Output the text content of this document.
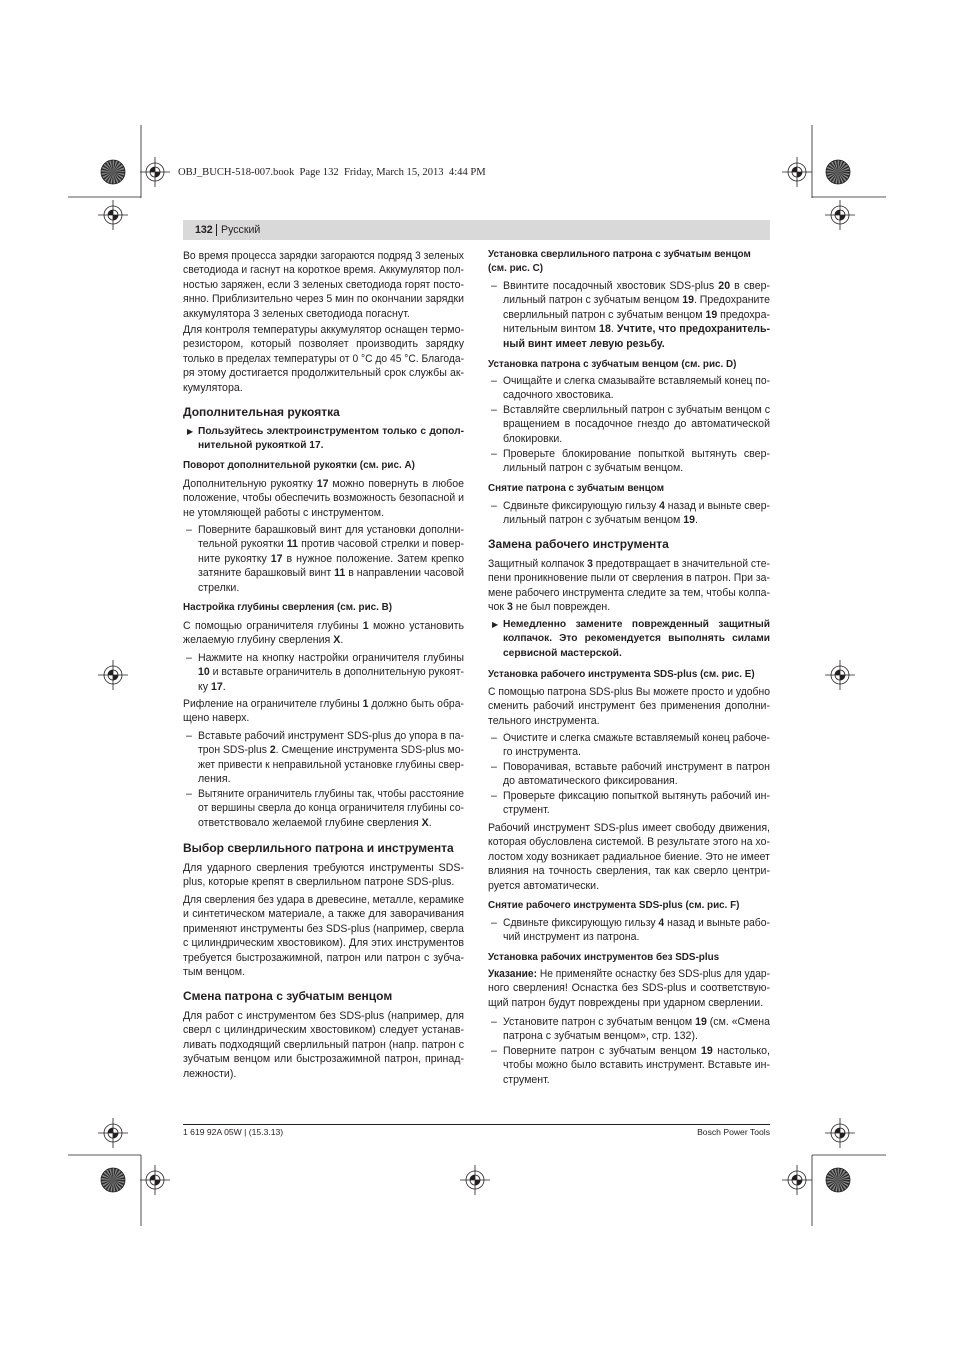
OBJ_BUCH-518-007.book  Page 132  Friday, March 15, 2013  4:44 PM
132 Русский
Во время процесса зарядки загораются подряд 3 зеленых
светодиода и гаснут на короткое время. Аккумулятор пол-
ностью заряжен, если 3 зеленых светодиода горят посто-
янно. Приблизительно через 5 мин по окончании зарядки
аккумулятора 3 зеленых светодиода погаснут.
Для контроля температуры аккумулятор оснащен термо-
резистором, который позволяет производить зарядку
только в пределах температуры от 0 °C до 45 °C. Благода-
ря этому достигается продолжительный срок службы ак-
кумулятора.
Дополнительная рукоятка
▶ Пользуйтесь электроинструментом только с допол-
нительной рукояткой 17.
Поворот дополнительной рукоятки (см. рис. A)
Дополнительную рукоятку 17 можно повернуть в любое
положение, чтобы обеспечить возможность безопасной и
не утомляющей работы с инструментом.
– Поверните барашковый винт для установки дополни-
тельной рукоятки 11 против часовой стрелки и повер-
ните рукоятку 17 в нужное положение. Затем крепко
затяните барашковый винт 11 в направлении часовой
стрелки.
Настройка глубины сверления (см. рис. B)
С помощью ограничителя глубины 1 можно установить
желаемую глубину сверления X.
– Нажмите на кнопку настройки ограничителя глубины
10 и вставьте ограничитель в дополнительную рукоят-
ку 17.
Рифление на ограничителе глубины 1 должно быть обра-
щено наверх.
– Вставьте рабочий инструмент SDS-plus до упора в па-
трон SDS-plus 2. Смещение инструмента SDS-plus мо-
жет привести к неправильной установке глубины свер-
ления.
– Вытяните ограничитель глубины так, чтобы расстояние
от вершины сверла до конца ограничителя глубины со-
ответствовало желаемой глубине сверления X.
Выбор сверлильного патрона и инструмента
Для ударного сверления требуются инструменты SDS-
plus, которые крепят в сверлильном патроне SDS-plus.
Для сверления без удара в древесине, металле, керамике
и синтетическом материале, а также для заворачивания
применяют инструменты без SDS-plus (например, сверла
с цилиндрическим хвостовиком). Для этих инструментов
требуется быстрозажимной, патрон или патрон с зубча-
тым венцом.
Смена патрона с зубчатым венцом
Для работ с инструментом без SDS-plus (например, для
сверл с цилиндрическим хвостовиком) следует устанав-
ливать подходящий сверлильный патрон (напр. патрон с
зубчатым венцом или быстрозажимной патрон, принад-
лежности).
Установка сверлильного патрона с зубчатым венцом
(см. рис. C)
– Ввинтите посадочный хвостовик SDS-plus 20 в свер-
лильный патрон с зубчатым венцом 19. Предохраните
сверлильный патрон с зубчатым венцом 19 предохра-
нительным винтом 18. Учтите, что предохранитель-
ный винт имеет левую резьбу.
Установка патрона с зубчатым венцом (см. рис. D)
– Очищайте и слегка смазывайте вставляемый конец по-
садочного хвостовика.
– Вставляйте сверлильный патрон с зубчатым венцом с
вращением в посадочное гнездо до автоматической
блокировки.
– Проверьте блокирование попыткой вытянуть свер-
лильный патрон с зубчатым венцом.
Снятие патрона с зубчатым венцом
– Сдвиньте фиксирующую гильзу 4 назад и выньте свер-
лильный патрон с зубчатым венцом 19.
Замена рабочего инструмента
Защитный колпачок 3 предотвращает в значительной сте-
пени проникновение пыли от сверления в патрон. При за-
мене рабочего инструмента следите за тем, чтобы колпа-
чок 3 не был поврежден.
▶ Немедленно замените поврежденный защитный
колпачок. Это рекомендуется выполнять силами
сервисной мастерской.
Установка рабочего инструмента SDS-plus (см. рис. E)
С помощью патрона SDS-plus Вы можете просто и удобно
сменить рабочий инструмент без применения дополни-
тельного инструмента.
– Очистите и слегка смажьте вставляемый конец рабоче-
го инструмента.
– Поворачивая, вставьте рабочий инструмент в патрон
до автоматического фиксирования.
– Проверьте фиксацию попыткой вытянуть рабочий ин-
струмент.
Рабочий инструмент SDS-plus имеет свободу движения,
которая обусловлена системой. В результате этого на хо-
лостом ходу возникает радиальное биение. Это не имеет
влияния на точность сверления, так как сверло центри-
руется автоматически.
Снятие рабочего инструмента SDS-plus (см. рис. F)
– Сдвиньте фиксирующую гильзу 4 назад и выньте рабо-
чий инструмент из патрона.
Установка рабочих инструментов без SDS-plus
Указание: Не применяйте оснастку без SDS-plus для удар-
ного сверления! Оснастка без SDS-plus и соответствую-
щий патрон будут повреждены при ударном сверлении.
– Установите патрон с зубчатым венцом 19 (см. «Смена
патрона с зубчатым венцом», стр. 132).
– Поверните патрон с зубчатым венцом 19 настолько,
чтобы можно было вставить инструмент. Вставьте ин-
струмент.
1 619 92A 05W | (15.3.13)	Bosch Power Tools
